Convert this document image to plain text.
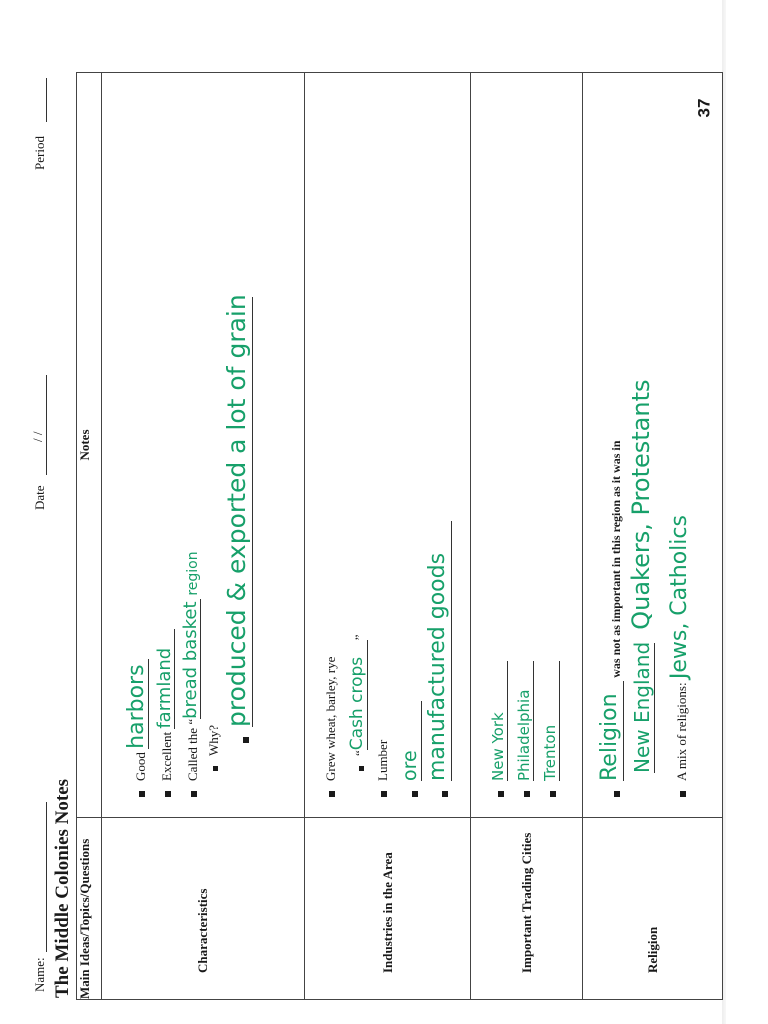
37
Name:
Date
/ /
Period
The Middle Colonies Notes Main Ideas/Topics/Questions	Notes
Characteristics	Good harbors
Excellent farmland
Called the “bread basket region
Why?
produced & exported a lot of grain

Industries in the Area	Grew wheat, barley, rye “Cash crops”
Lumber ore manufactured goods

Important Trading Cities	New York Philadelphia Trenton

Religion	Religion was not as important in this region as it was in
New England Quakers, Protestants
A mix of religions: Jews, Catholics
